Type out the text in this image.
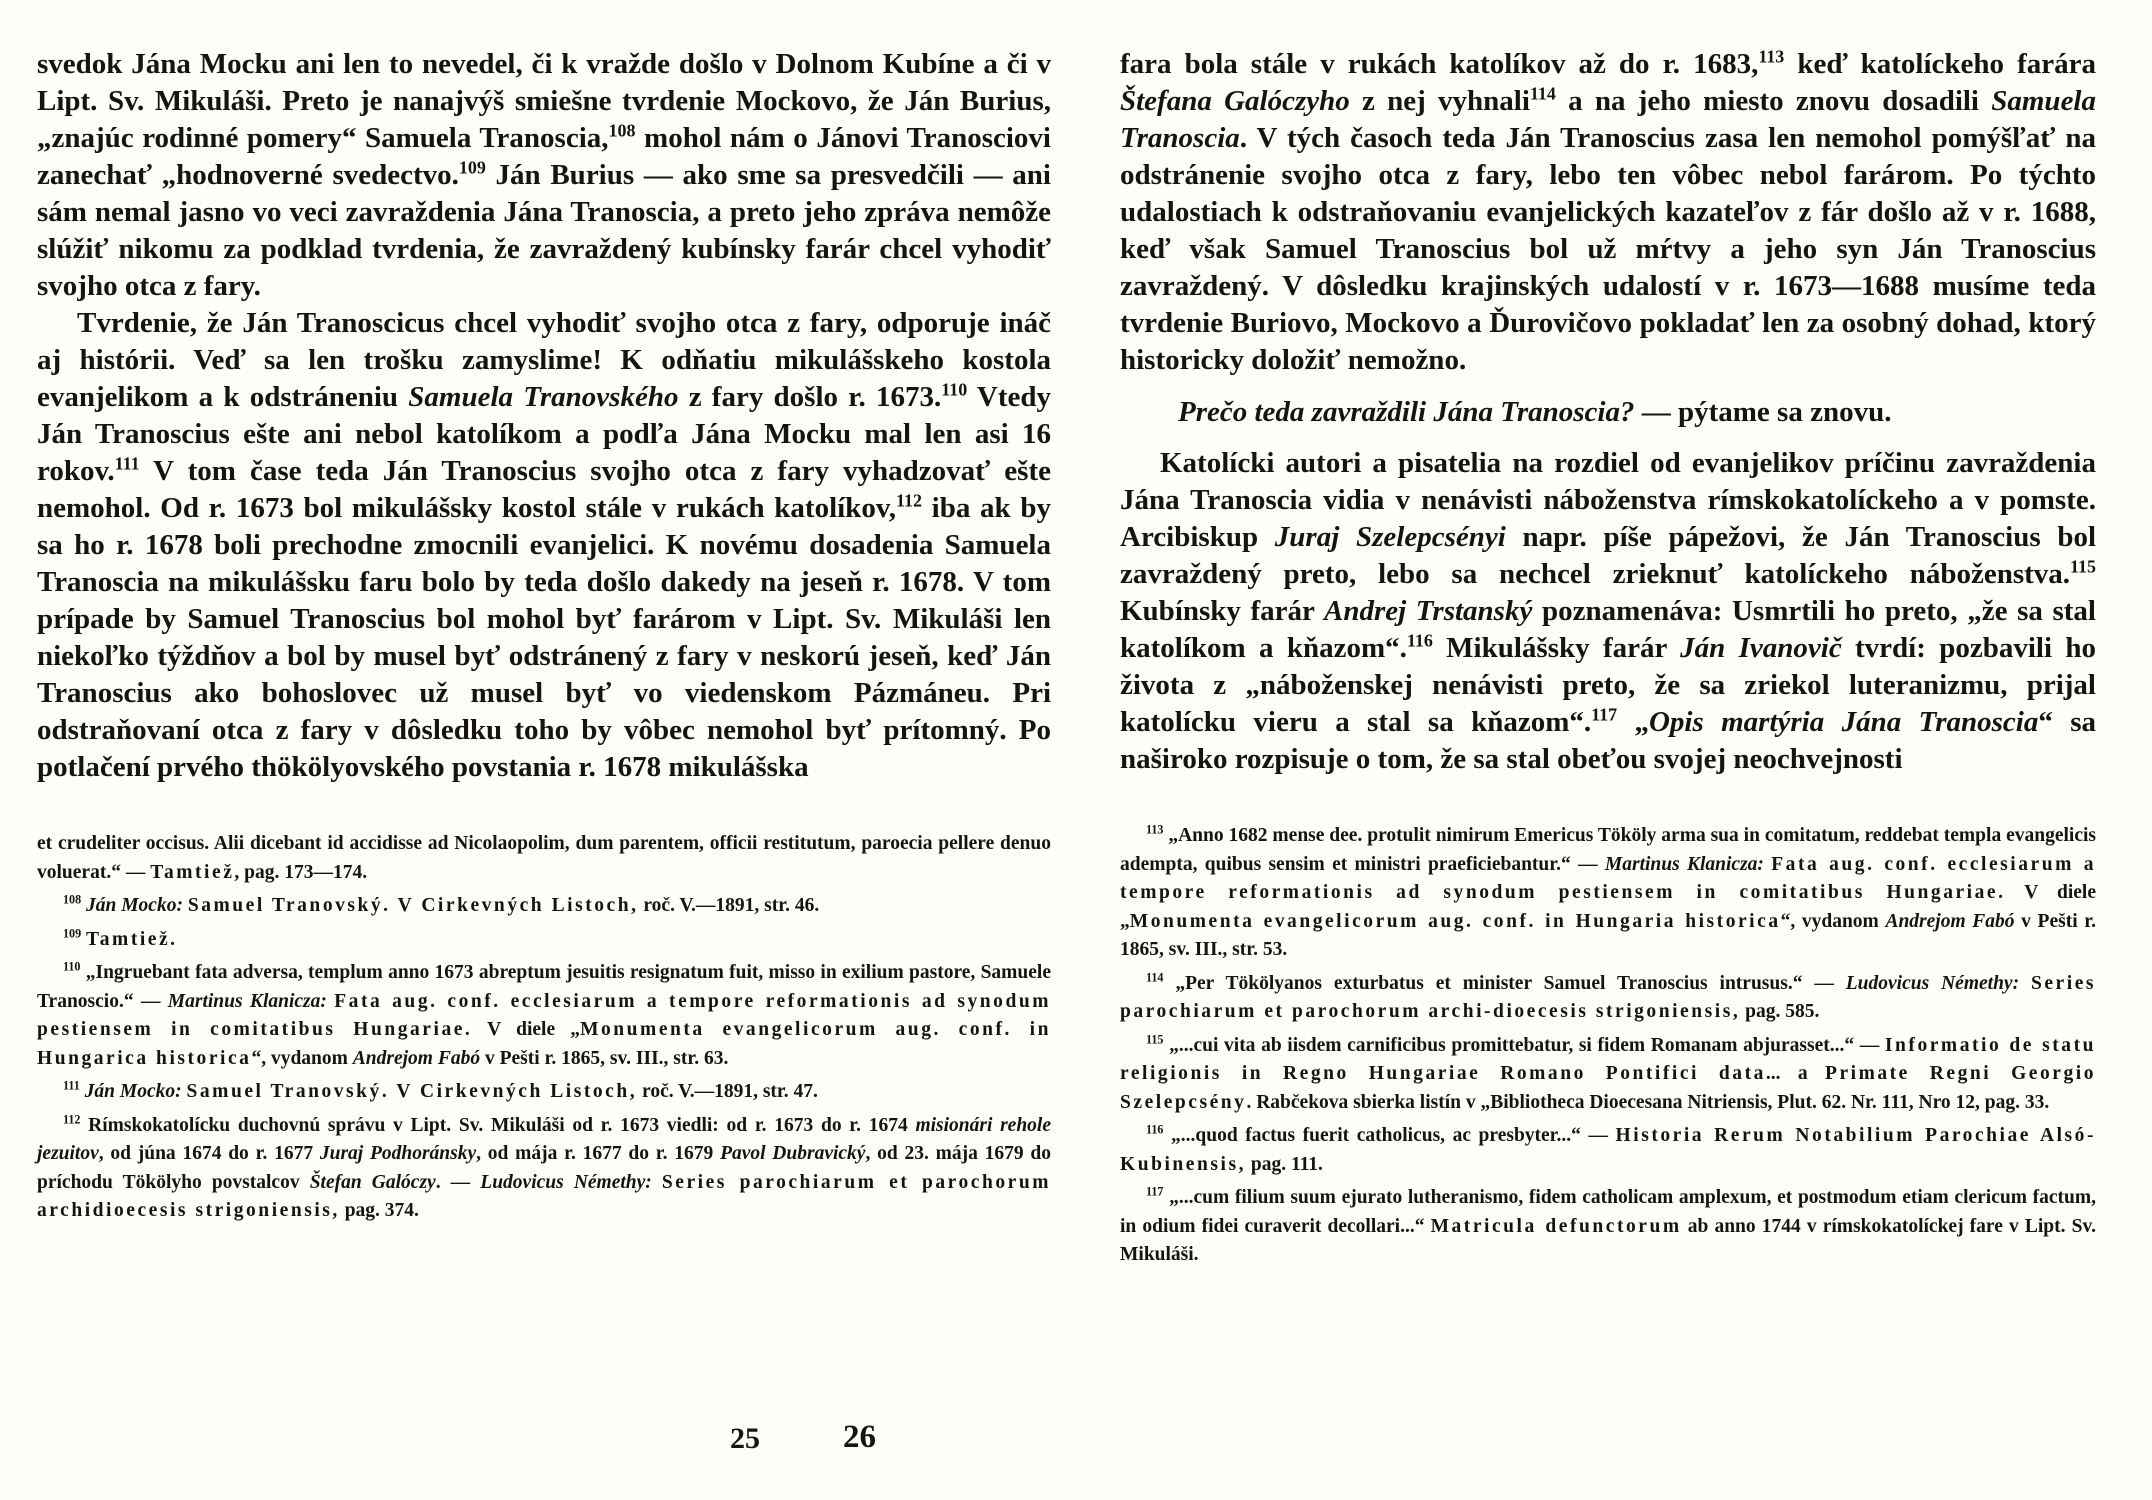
svedok Jána Mocku ani len to nevedel, či k vražde došlo v Dolnom Kubíne a či v Lipt. Sv. Mikuláši. Preto je nanajvýš smiešne tvrdenie Mockovo, že Ján Burius, „znajúc rodinné pomery“ Samuela Tranoscia,$^{108}$ mohol nám o Jánovi Tranosciovi zanechať „hodnoverné svedectvo.$^{109}$ Ján Burius — ako sme sa presvedčili — ani sám nemal jasno vo veci zavraždenia Jána Tranoscia, a preto jeho zpráva nemôže slúžiť nikomu za podklad tvrdenia, že zavraždený kubínsky farár chcel vyhodiť svojho otca z fary.

Tvrdenie, že Ján Tranoscicus chcel vyhodiť svojho otca z fary, odporuje ináč aj histórii. Veď sa len trošku zamyslime! K odňatiu mikulášskeho kostola evanjelikom a k odstráneniu Samuela Tranovského z fary došlo r. 1673.$^{110}$ Vtedy Ján Tranoscius ešte ani nebol katolíkom a podľa Jána Mocku mal len asi 16 rokov.$^{111}$ V tom čase teda Ján Tranoscius svojho otca z fary vyhadzovať ešte nemohol. Od r. 1673 bol mikulášsky kostol stále v rukách katolíkov,$^{112}$ iba ak by sa ho r. 1678 boli prechodne zmocnili evanjelici. K novému dosadenia Samuela Tranoscia na mikulášsku faru bolo by teda došlo dakedy na jeseň r. 1678. V tom prípade by Samuel Tranoscius bol mohol byť farárom v Lipt. Sv. Mikuláši len niekoľko týždňov a bol by musel byť odstránený z fary v neskorú jeseň, keď Ján Tranoscius ako bohoslovec už musel byť vo viedenskom Pázmáneu. Pri odstraňovaní otca z fary v dôsledku toho by vôbec nemohol byť prítomný. Po potlačení prvého thökölyovského povstania r. 1678 mikulášska

et crudeliter occisus. Alii dicebant id accidisse ad Nicolaopolim, dum parentem, officii restitutum, paroecia pellere denuo voluerat.“ — Tamtiež, pag. 173—174.

$^{108}$ Ján Mocko: Samuel Tranovský. V Cirkevných Listoch, roč. V.—1891, str. 46.

$^{109}$ Tamtiež.

$^{110}$ „Ingruebant fata adversa, templum anno 1673 abreptum jesuitis resignatum fuit, misso in exilium pastore, Samuele Tranoscio.“ — Martinus Klanicza: Fata aug. conf. ecclesiarum a tempore reformationis ad synodum pestiensem in comitatibus Hungariae. V diele „Monumenta evangelicorum aug. conf. in Hungarica historica“, vydanom Andrejom Fabó v Pešti r. 1865, sv. III., str. 63.

$^{111}$ Ján Mocko: Samuel Tranovský. V Cirkevných Listoch, roč. V.—1891, str. 47.

$^{112}$ Rímskokatolícku duchovnú správu v Lipt. Sv. Mikuláši od r. 1673 viedli: od r. 1673 do r. 1674 misionári rehole jezuitov, od júna 1674 do r. 1677 Juraj Podhoránsky, od mája r. 1677 do r. 1679 Pavol Dubravický, od 23. mája 1679 do príchodu Tökölyho povstalcov Štefan Galóczy. — Ludovicus Némethy: Series parochiarum et parochorum archidioecesis strigoniensis, pag. 374.

fara bola stále v rukách katolíkov až do r. 1683,$^{113}$ keď katolíckeho farára Štefana Galóczyho z nej vyhnali$^{114}$ a na jeho miesto znovu dosadili Samuela Tranoscia. V tých časoch teda Ján Tranoscius zasa len nemohol pomýšľať na odstránenie svojho otca z fary, lebo ten vôbec nebol farárom. Po týchto udalostiach k odstraňovaniu evanjelických kazateľov z fár došlo až v r. 1688, keď však Samuel Tranoscius bol už mŕtvy a jeho syn Ján Tranoscius zavraždený. V dôsledku krajinských udalostí v r. 1673—1688 musíme teda tvrdenie Buriovo, Mockovo a Ďurovičovo pokladať len za osobný dohad, ktorý historicky doložiť nemožno.

Prečo teda zavraždili Jána Tranoscia? — pýtame sa znovu.

Katolícki autori a pisatelia na rozdiel od evanjelikov príčinu zavraždenia Jána Tranoscia vidia v nenávisti náboženstva rímskokatolíckeho a v pomste. Arcibiskup Juraj Szelepcsényi napr. píše pápežovi, že Ján Tranoscius bol zavraždený preto, lebo sa nechcel zrieknuť katolíckeho náboženstva.$^{115}$ Kubínsky farár Andrej Trstanský poznamenáva: Usmrtili ho preto, „že sa stal katolíkom a kňazom“.$^{116}$ Mikulášsky farár Ján Ivanovič tvrdí: pozbavili ho života z „náboženskej nenávisti preto, že sa zriekol luteranizmu, prijal katolícku vieru a stal sa kňazom“.$^{117}$ „Opis martýria Jána Tranoscia“ sa naširoko rozpisuje o tom, že sa stal obeťou svojej neochvejnosti

$^{113}$ „Anno 1682 mense dee. protulit nimirum Emericus Tököly arma sua in comitatum, reddebat templa evangelicis adempta, quibus sensim et ministri praeficiebantur.“ — Martinus Klanicza: Fata aug. conf. ecclesiarum a tempore reformationis ad synodum pestiensem in comitatibus Hungariae. V diele „Monumenta evangelicorum aug. conf. in Hungaria historica“, vydanom Andrejom Fabó v Pešti r. 1865, sv. III., str. 53.

$^{114}$ „Per Tökölyanos exturbatus et minister Samuel Tranoscius intrusus.“ — Ludovicus Némethy: Series parochiarum et parochorum archi-dioecesis strigoniensis, pag. 585.

$^{115}$ „...cui vita ab iisdem carnificibus promittebatur, si fidem Romanam abjurasset...“ — Informatio de statu religionis in Regno Hungariae Romano Pontifici data... a Primate Regni Georgio Szelepcsény. Rabčekova sbierka listín v „Bibliotheca Dioecesana Nitriensis, Plut. 62. Nr. 111, Nro 12, pag. 33.

$^{116}$ „...quod factus fuerit catholicus, ac presbyter...“ — Historia Rerum Notabilium Parochiae Alsó-Kubinensis, pag. 111.

$^{117}$ „...cum filium suum ejurato lutheranismo, fidem catholicam amplexum, et postmodum etiam clericum factum, in odium fidei curaverit decollari...“ Matricula defunctorum ab anno 1744 v rímskokatolíckej fare v Lipt. Sv. Mikuláši.

25	26
